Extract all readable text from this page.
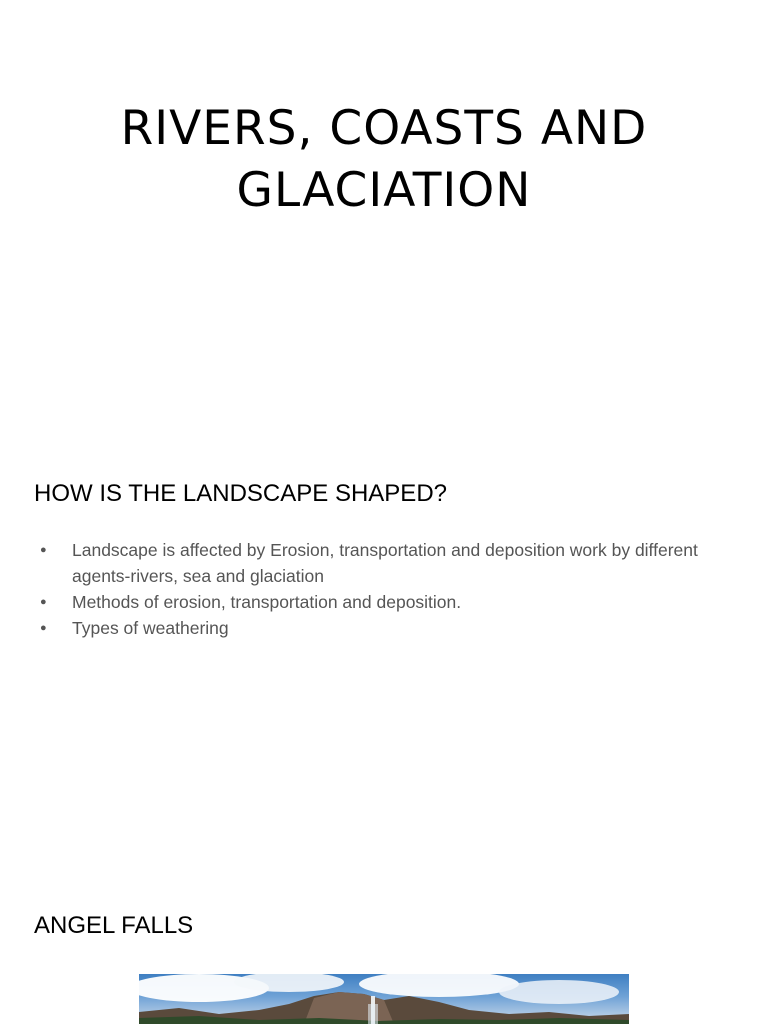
RIVERS, COASTS AND
GLACIATION
HOW IS THE LANDSCAPE SHAPED?
● Landscape is affected by Erosion, transportation and deposition work by different agents-rivers, sea and glaciation
● Methods of erosion, transportation and deposition.
● Types of weathering
ANGEL FALLS
